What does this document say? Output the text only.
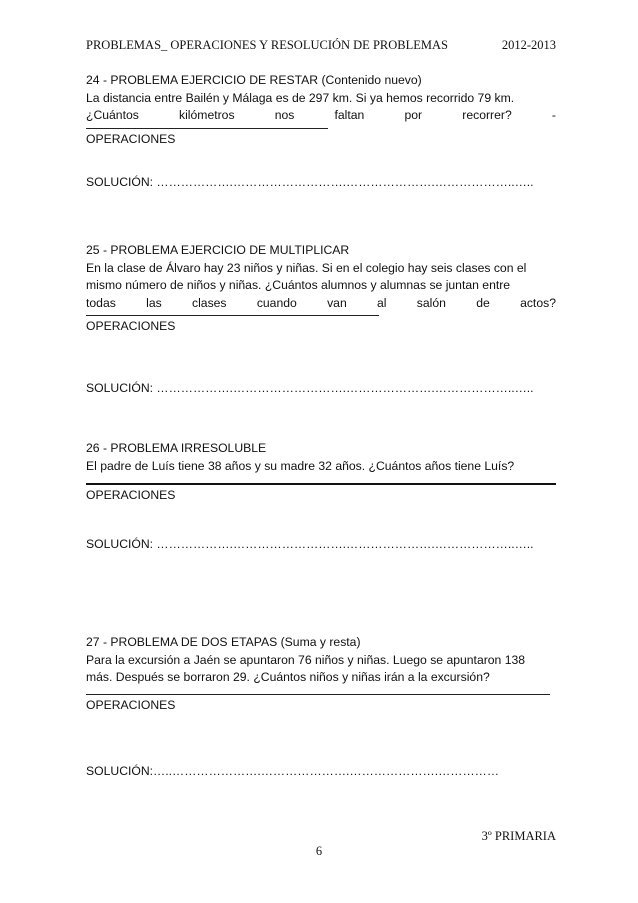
PROBLEMAS_ OPERACIONES Y RESOLUCIÓN DE PROBLEMAS	2012-2013
24 - PROBLEMA EJERCICIO DE RESTAR (Contenido nuevo)
La distancia entre Bailén y Málaga es de 297 km. Si ya hemos recorrido 79 km.
¿Cuántos	kilómetros	nos	faltan	por	recorrer?	-
OPERACIONES
SOLUCIÓN: ……………….……………………….………………….………………..…..
25 - PROBLEMA EJERCICIO DE MULTIPLICAR
En la clase de Álvaro hay 23 niños y niñas. Si en el colegio hay seis clases con el
mismo número de niños y niñas. ¿Cuántos alumnos y alumnas se juntan entre
todas las clases cuando van al salón de actos?
OPERACIONES
SOLUCIÓN: ……………….……………………….………………….………………..…..
26 - PROBLEMA IRRESOLUBLE
El padre de Luís tiene 38 años y su madre 32 años. ¿Cuántos años tiene Luís?
OPERACIONES
SOLUCIÓN: ……………….……………………….………………….………………..…..
27 - PROBLEMA DE DOS ETAPAS (Suma y resta)
Para la excursión a Jaén se apuntaron 76 niños y niñas. Luego se apuntaron 138
más. Después se borraron 29. ¿Cuántos niños y niñas irán a la excursión?
OPERACIONES
SOLUCIÓN:…..………………….………………….………………….……………
3º PRIMARIA
6
